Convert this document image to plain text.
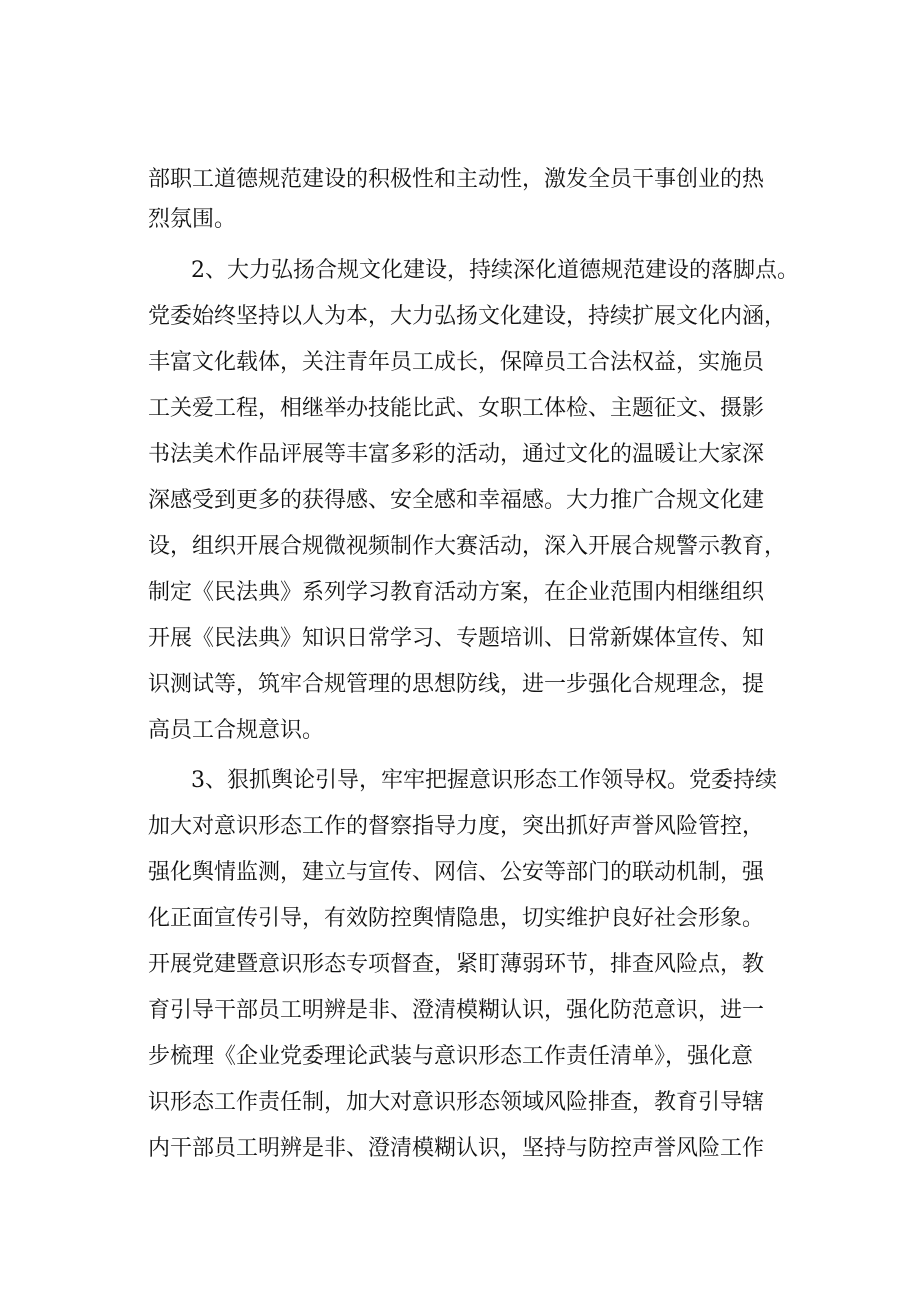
部职工道德规范建设的积极性和主动性，激发全员干事创业的热
烈氛围。
2、大力弘扬合规文化建设，持续深化道德规范建设的落脚点。
党委始终坚持以人为本，大力弘扬文化建设，持续扩展文化内涵，
丰富文化载体，关注青年员工成长，保障员工合法权益，实施员
工关爱工程，相继举办技能比武、女职工体检、主题征文、摄影
书法美术作品评展等丰富多彩的活动，通过文化的温暖让大家深
深感受到更多的获得感、安全感和幸福感。大力推广合规文化建
设，组织开展合规微视频制作大赛活动，深入开展合规警示教育，
制定《民法典》系列学习教育活动方案，在企业范围内相继组织
开展《民法典》知识日常学习、专题培训、日常新媒体宣传、知
识测试等，筑牢合规管理的思想防线，进一步强化合规理念，提
高员工合规意识。
3、狠抓舆论引导，牢牢把握意识形态工作领导权。党委持续
加大对意识形态工作的督察指导力度，突出抓好声誉风险管控，
强化舆情监测，建立与宣传、网信、公安等部门的联动机制，强
化正面宣传引导，有效防控舆情隐患，切实维护良好社会形象。
开展党建暨意识形态专项督查，紧盯薄弱环节，排查风险点，教
育引导干部员工明辨是非、澄清模糊认识，强化防范意识，进一
步梳理《企业党委理论武装与意识形态工作责任清单》，强化意
识形态工作责任制，加大对意识形态领域风险排查，教育引导辖
内干部员工明辨是非、澄清模糊认识，坚持与防控声誉风险工作
